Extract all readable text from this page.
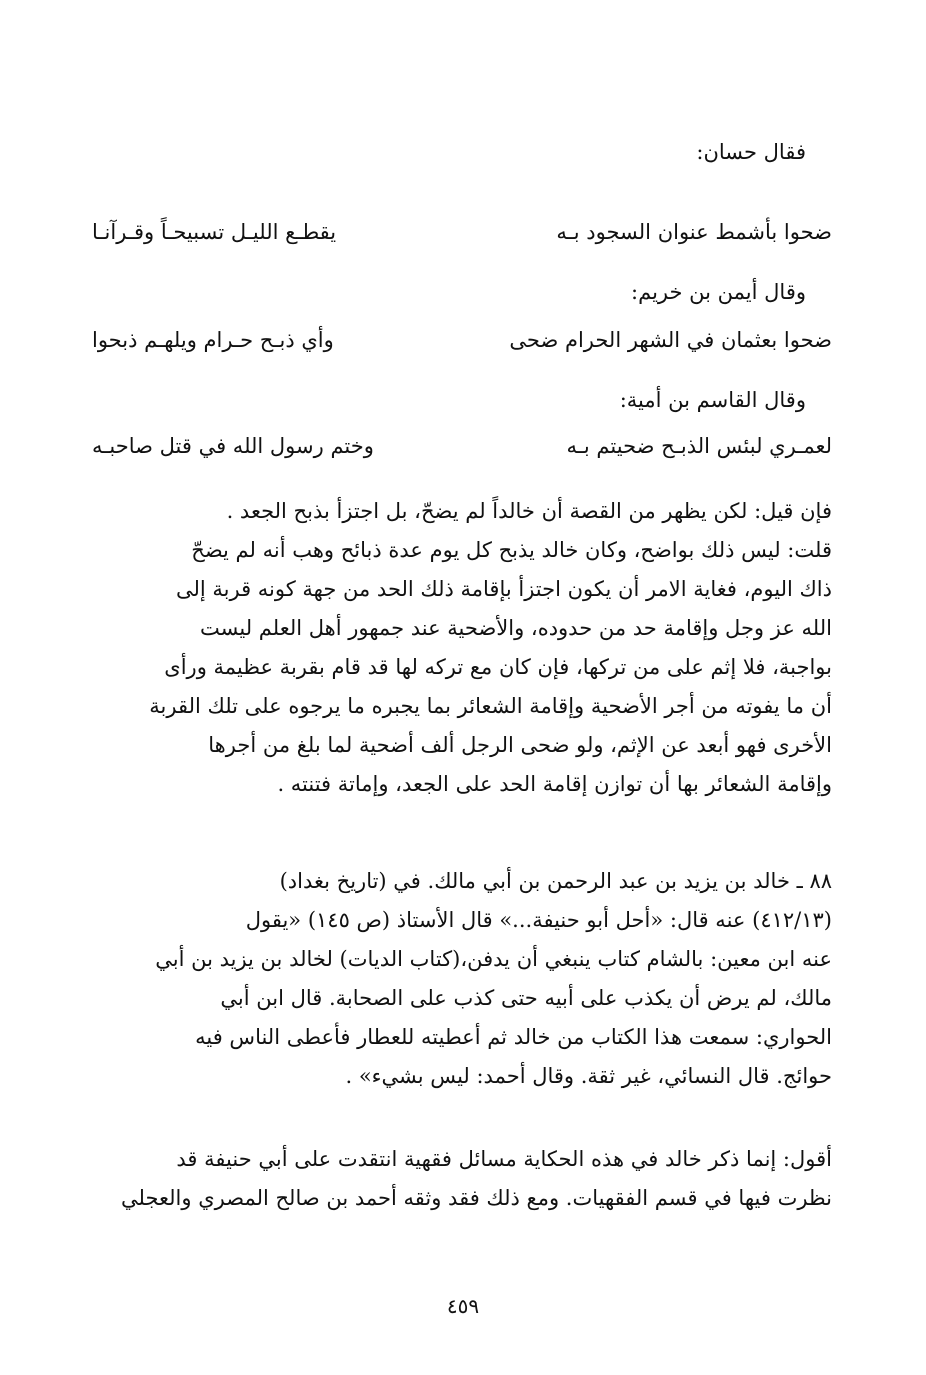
فقال حسان:
ضحوا بأشمط عنوان السجود بـه
يقطـع الليـل تسبيحـاً وقـرآنـا
وقال أيمن بن خريم:
ضحوا بعثمان في الشهر الحرام ضحى
وأي ذبـح حـرام ويلهـم ذبحوا
وقال القاسم بن أمية:
لعمـري لبئس الذبـح ضحيتم بـه
وختم رسول الله في قتل صاحبـه

فإن قيل: لكن يظهر من القصة أن خالداً لم يضحّ، بل اجتزأ بذبح الجعد .

قلت: ليس ذلك بواضح، وكان خالد يذبح كل يوم عدة ذبائح وهب أنه لم يضحّ

ذاك اليوم، فغاية الامر أن يكون اجتزأ بإقامة ذلك الحد من جهة كونه قربة إلى

الله عز وجل وإقامة حد من حدوده، والأضحية عند جمهور أهل العلم ليست

بواجبة، فلا إثم على من تركها، فإن كان مع تركه لها قد قام بقربة عظيمة ورأى

أن ما يفوته من أجر الأضحية وإقامة الشعائر بما يجبره ما يرجوه على تلك القربة

الأخرى فهو أبعد عن الإثم، ولو ضحى الرجل ألف أضحية لما بلغ من أجرها

وإقامة الشعائر بها أن توازن إقامة الحد على الجعد، وإماتة فتنته .

٨٨ ـ خالد بن يزيد بن عبد الرحمن بن أبي مالك. في (تاريخ بغداد)

(٤١٢/١٣) عنه قال: «أحل أبو حنيفة...» قال الأستاذ (ص ١٤٥) «يقول

عنه ابن معين: بالشام كتاب ينبغي أن يدفن،(كتاب الديات) لخالد بن يزيد بن أبي

مالك، لم يرض أن يكذب على أبيه حتى كذب على الصحابة. قال ابن أبي

الحواري: سمعت هذا الكتاب من خالد ثم أعطيته للعطار فأعطى الناس فيه

حوائج. قال النسائي، غير ثقة. وقال أحمد: ليس بشيء» .

أقول: إنما ذكر خالد في هذه الحكاية مسائل فقهية انتقدت على أبي حنيفة قد

نظرت فيها في قسم الفقهيات. ومع ذلك فقد وثقه أحمد بن صالح المصري والعجلي

٤٥٩
